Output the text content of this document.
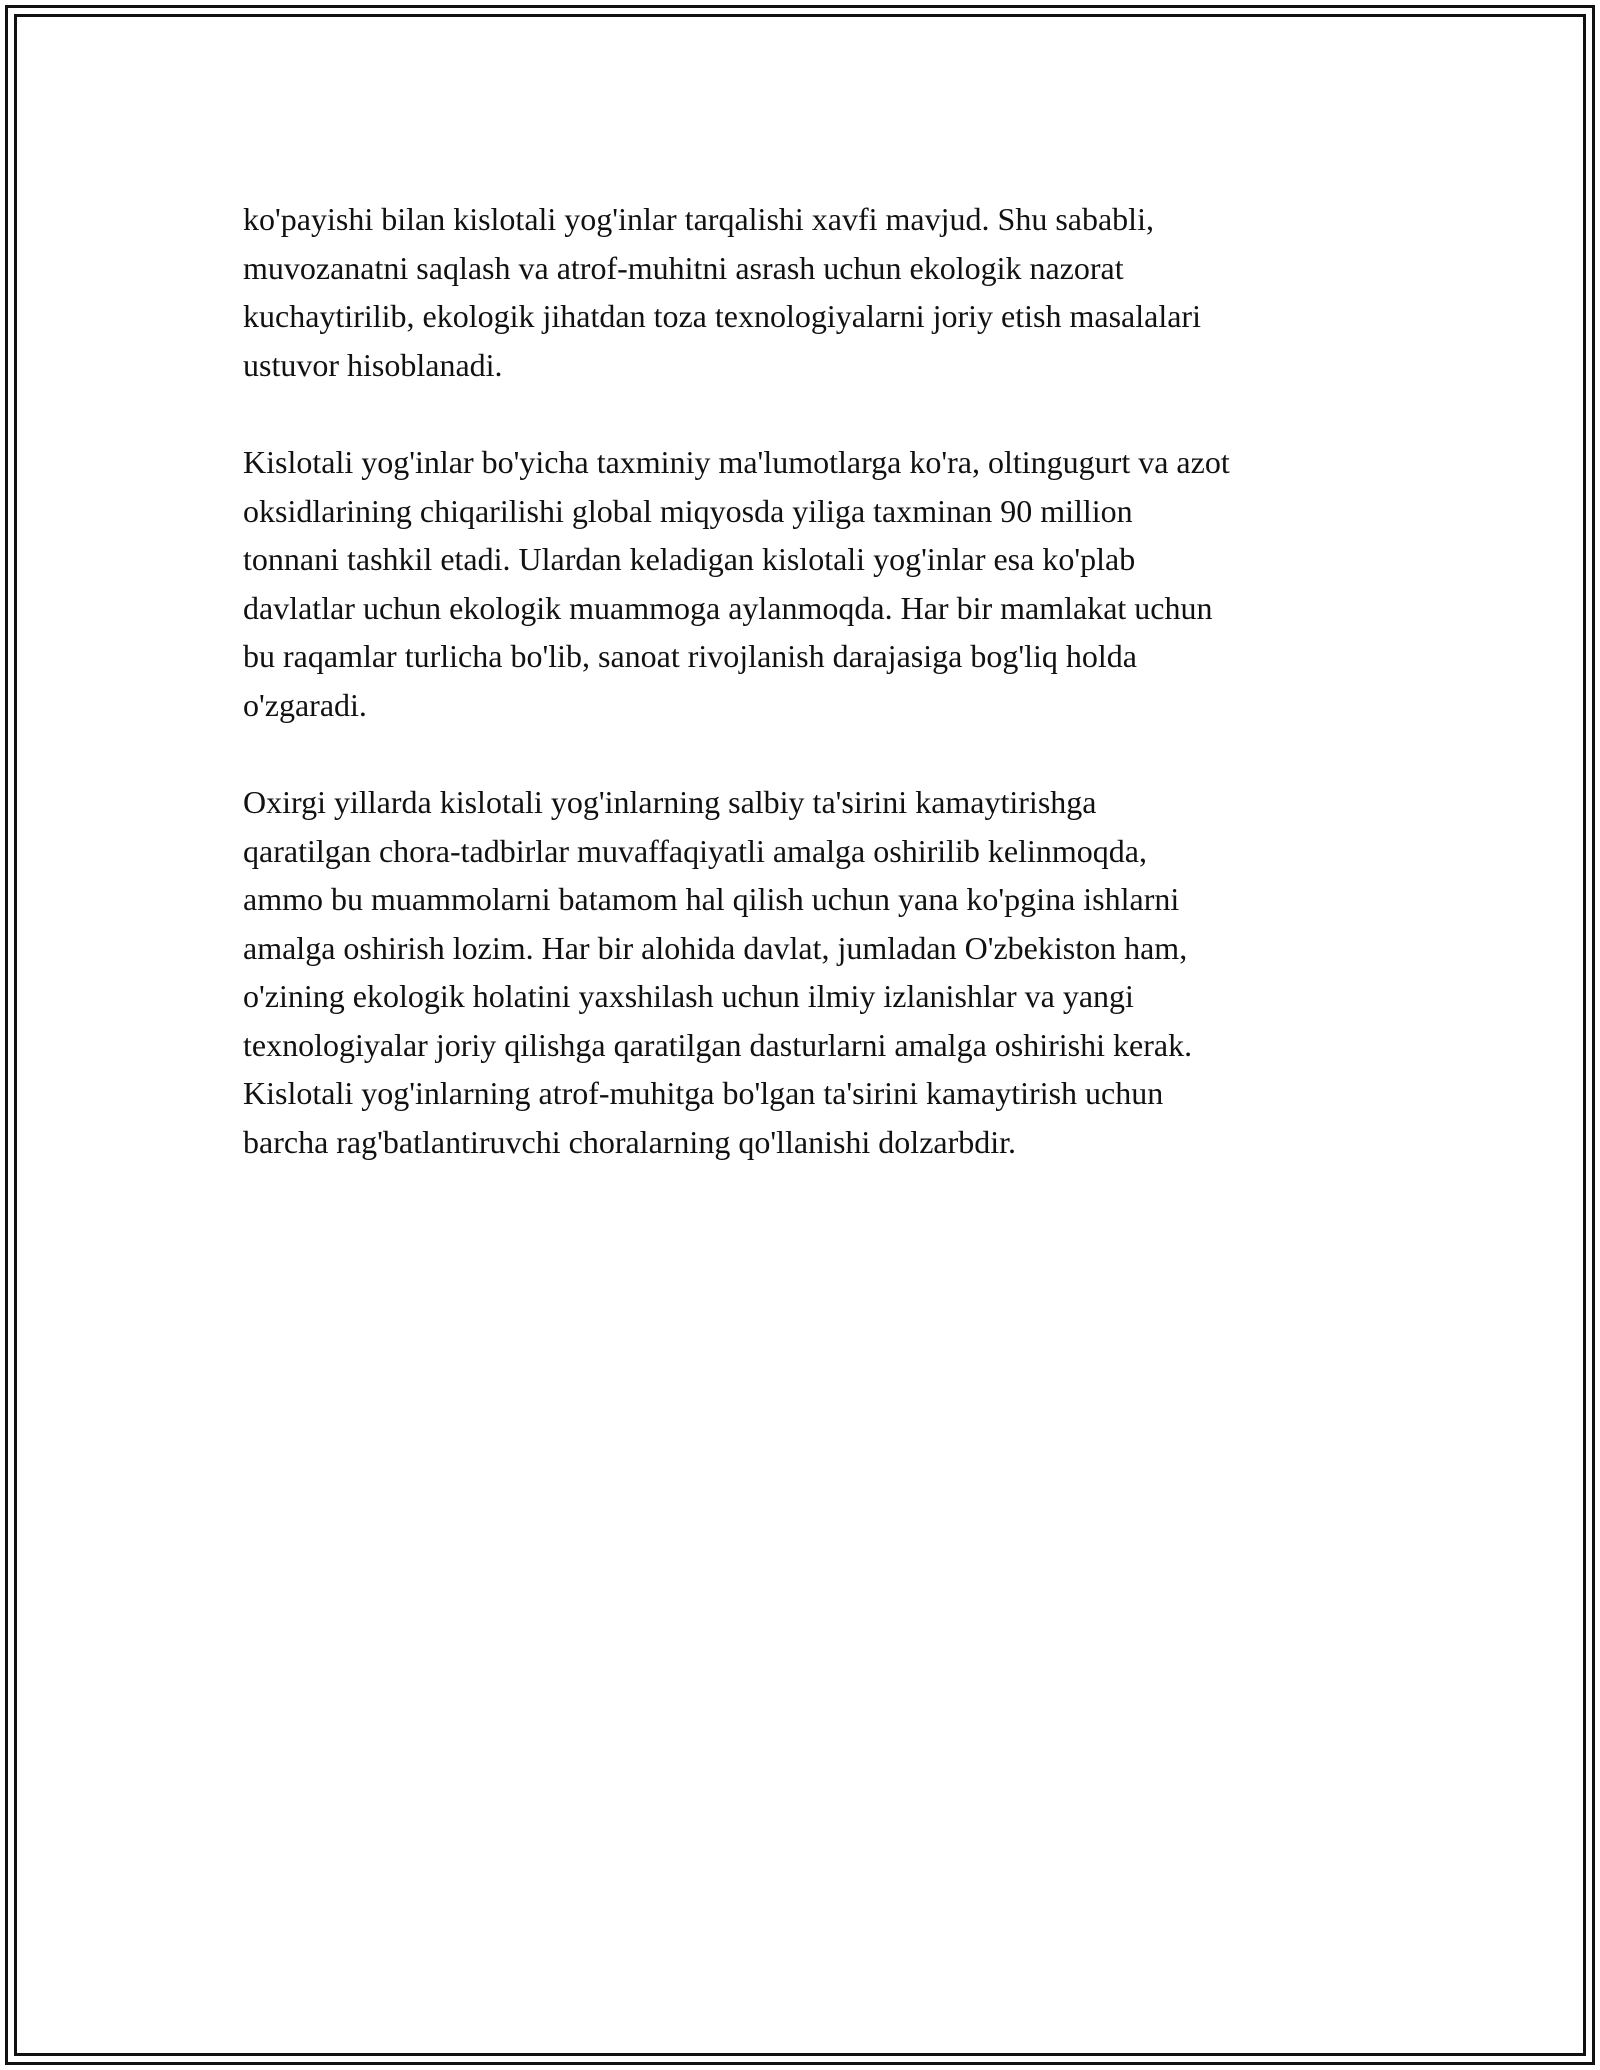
ko'payishi bilan kislotali yog'inlar tarqalishi xavfi mavjud. Shu sababli,
muvozanatni saqlash va atrof-muhitni asrash uchun ekologik nazorat
kuchaytirilib, ekologik jihatdan toza texnologiyalarni joriy etish masalalari
ustuvor hisoblanadi.

Kislotali yog'inlar bo'yicha taxminiy ma'lumotlarga ko'ra, oltingugurt va azot
oksidlarining chiqarilishi global miqyosda yiliga taxminan 90 million
tonnani tashkil etadi. Ulardan keladigan kislotali yog'inlar esa ko'plab
davlatlar uchun ekologik muammoga aylanmoqda. Har bir mamlakat uchun
bu raqamlar turlicha bo'lib, sanoat rivojlanish darajasiga bog'liq holda
o'zgaradi.

Oxirgi yillarda kislotali yog'inlarning salbiy ta'sirini kamaytirishga
qaratilgan chora-tadbirlar muvaffaqiyatli amalga oshirilib kelinmoqda,
ammo bu muammolarni batamom hal qilish uchun yana ko'pgina ishlarni
amalga oshirish lozim. Har bir alohida davlat, jumladan O'zbekiston ham,
o'zining ekologik holatini yaxshilash uchun ilmiy izlanishlar va yangi
texnologiyalar joriy qilishga qaratilgan dasturlarni amalga oshirishi kerak.
Kislotali yog'inlarning atrof-muhitga bo'lgan ta'sirini kamaytirish uchun
barcha rag'batlantiruvchi choralarning qo'llanishi dolzarbdir.
